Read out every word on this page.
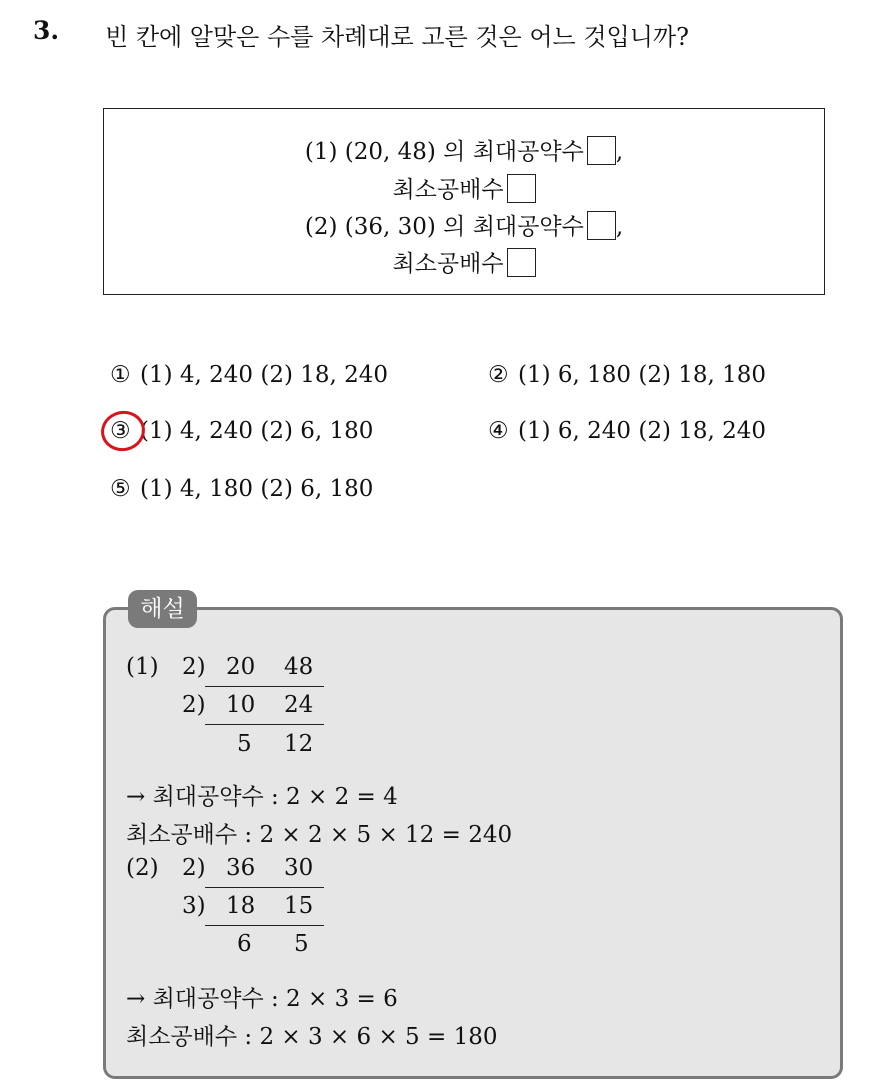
3. 빈 칸에 알맞은 수를 차례대로 고른 것은 어느 것입니까?
(1) (20, 48) 의 최대공약수 ,
최소공배수
(2) (36, 30) 의 최대공약수 ,
최소공배수
① (1) 4, 240 (2) 18, 240	② (1) 6, 180 (2) 18, 180
③ (1) 4, 240 (2) 6, 180	④ (1) 6, 240 (2) 18, 240
⑤ (1) 4, 180 (2) 6, 180
해설
(1) 2) 20 48
2) 10 24
5 12
→ 최대공약수 : 2 × 2 = 4
최소공배수 : 2 × 2 × 5 × 12 = 240
(2) 2) 36 30
3) 18 15
6 5
→ 최대공약수 : 2 × 3 = 6
최소공배수 : 2 × 3 × 6 × 5 = 180
